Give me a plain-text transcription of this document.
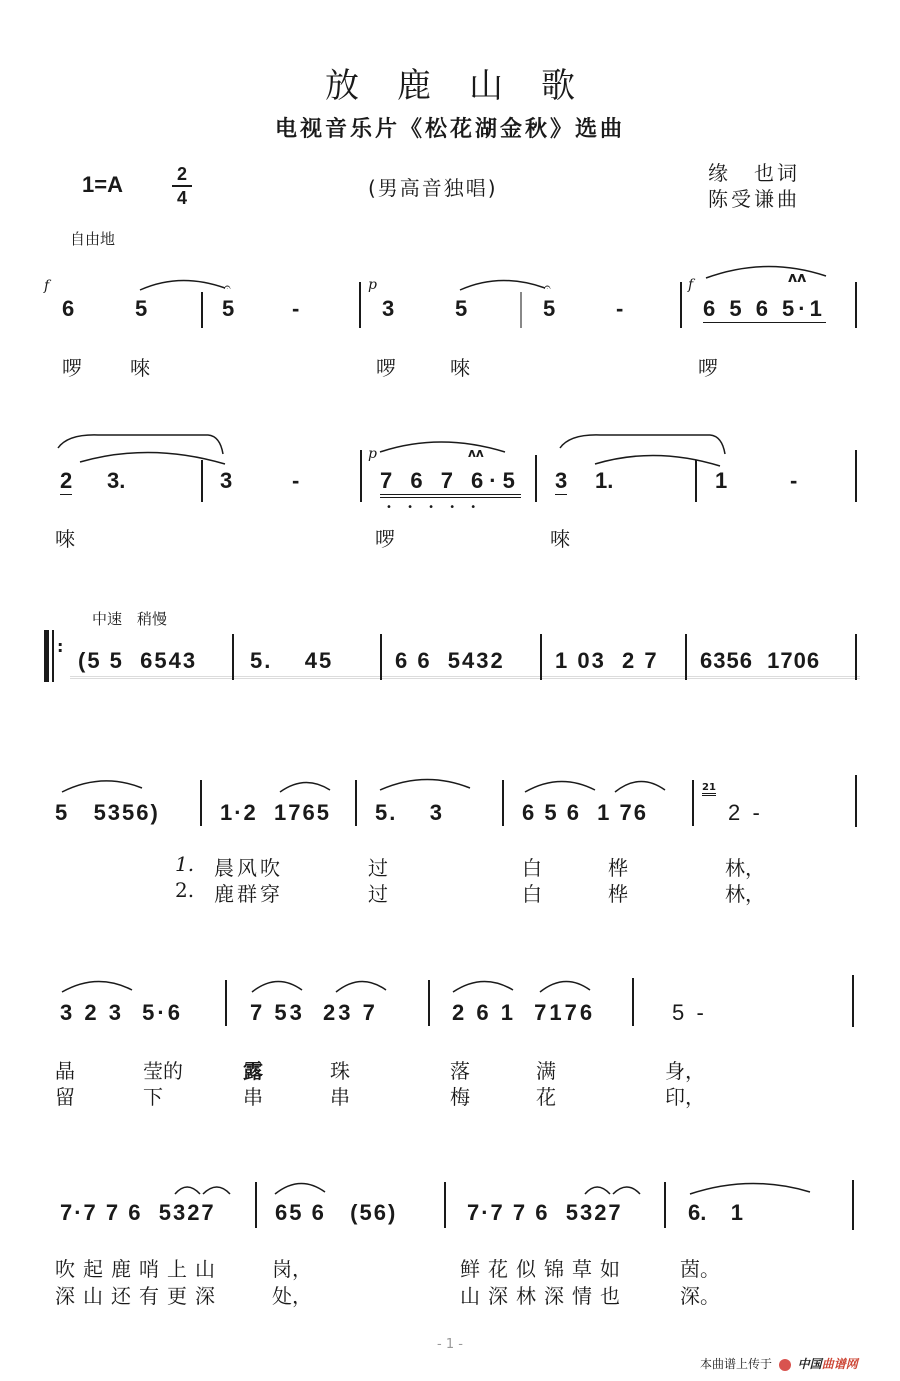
放鹿山歌
电视音乐片《松花湖金秋》选曲
1=A	2
4	(男高音独唱)
缘　也词
陈受谦曲
自由地
f
6	5
𝄐
5	-
p
3	5
𝄐
5	-
f	ʌʌ
6 5 6 5·1
啰 唻	啰	唻	啰
2 3.	3	-
p	ʌʌ
7 6 7 6·5
• • • • •
3 1.	1	-
唻	啰	唻
中速　稍慢
:
(5 5  6543 5.    45	6 6  5432 1 03  2 7 6356  1706
5   5356)	1·2  1765 5.    3	6 5 6  1 76
21
2  -
1. 晨风吹	过	白	桦	林，
2. 鹿群穿	过	白	桦	林，
3 2 3  5·6	7 53  23 7	2 6 1  7176	5  -
晶	莹的	露	珠	落	满	身，
留	下	串	串	梅	花	印，
7·7 7 6  5327	65 6   (56)	7·7 7 6  5327	6.    1
吹起鹿哨上山 岗，	鲜花似锦草如	茵。
深山还有更深 处，	山深林深情也	深。
- 1 -
本曲谱上传于 中国曲谱网
